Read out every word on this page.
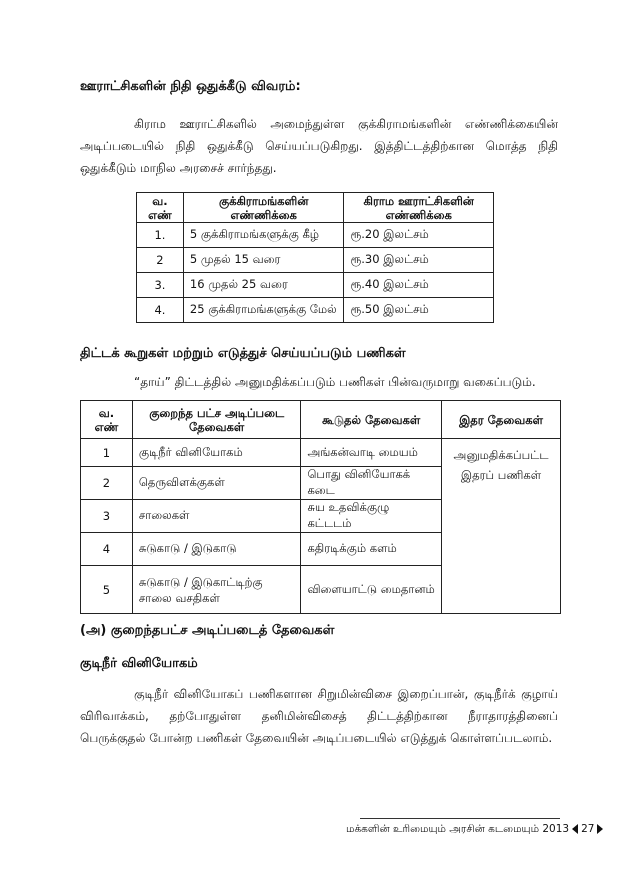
ஊராட்சிகளின் நிதி ஒதுக்கீடு விவரம்:
கிராம ஊராட்சிகளில் அமைந்துள்ள குக்கிராமங்களின் எண்ணிக்கையின் அடிப்படையில் நிதி ஒதுக்கீடு செய்யப்படுகிறது. இத்திட்டத்திற்கான மொத்த நிதி ஒதுக்கீடும் மாநில அரசைச் சார்ந்தது.
வ. எண்	குக்கிராமங்களின் எண்ணிக்கை	கிராம ஊராட்சிகளின் எண்ணிக்கை
1.	5 குக்கிராமங்களுக்கு கீழ்	ரூ.20 இலட்சம்
2	5 முதல் 15 வரை	ரூ.30 இலட்சம்
3.	16 முதல் 25 வரை	ரூ.40 இலட்சம்
4.	25 குக்கிராமங்களுக்கு மேல்	ரூ.50 இலட்சம்
திட்டக் கூறுகள் மற்றும் எடுத்துச் செய்யப்படும் பணிகள்
“தாய்” திட்டத்தில் அனுமதிக்கப்படும் பணிகள் பின்வருமாறு வகைப்படும்.
வ. எண்	குறைந்த பட்ச அடிப்படை தேவைகள்	கூடுதல் தேவைகள்	இதர தேவைகள்
1	குடிநீர் வினியோகம்	அங்கன்வாடி மையம்	அனுமதிக்கப்பட்ட இதரப் பணிகள்
2	தெருவிளக்குகள்	பொது வினியோகக் கடை	
3	சாலைகள்	சுய உதவிக்குழு கட்டடம்	
4	சுடுகாடு / இடுகாடு	கதிரடிக்கும் களம்	
5	சுடுகாடு / இடுகாட்டிற்கு சாலை வசதிகள்	விளையாட்டு மைதானம்	
(அ) குறைந்தபட்ச அடிப்படைத் தேவைகள்
குடிநீர் வினியோகம்
குடிநீர் வினியோகப் பணிகளான சிறுமின்விசை இறைப்பான், குடிநீர்க் குழாய் விரிவாக்கம், தற்போதுள்ள தனிமின்விசைத் திட்டத்திற்கான நீராதாரத்தினைப் பெருக்குதல் போன்ற பணிகள் தேவையின் அடிப்படையில் எடுத்துக் கொள்ளப்படலாம்.
மக்களின் உரிமையும் அரசின் கடமையும் 2013 27
